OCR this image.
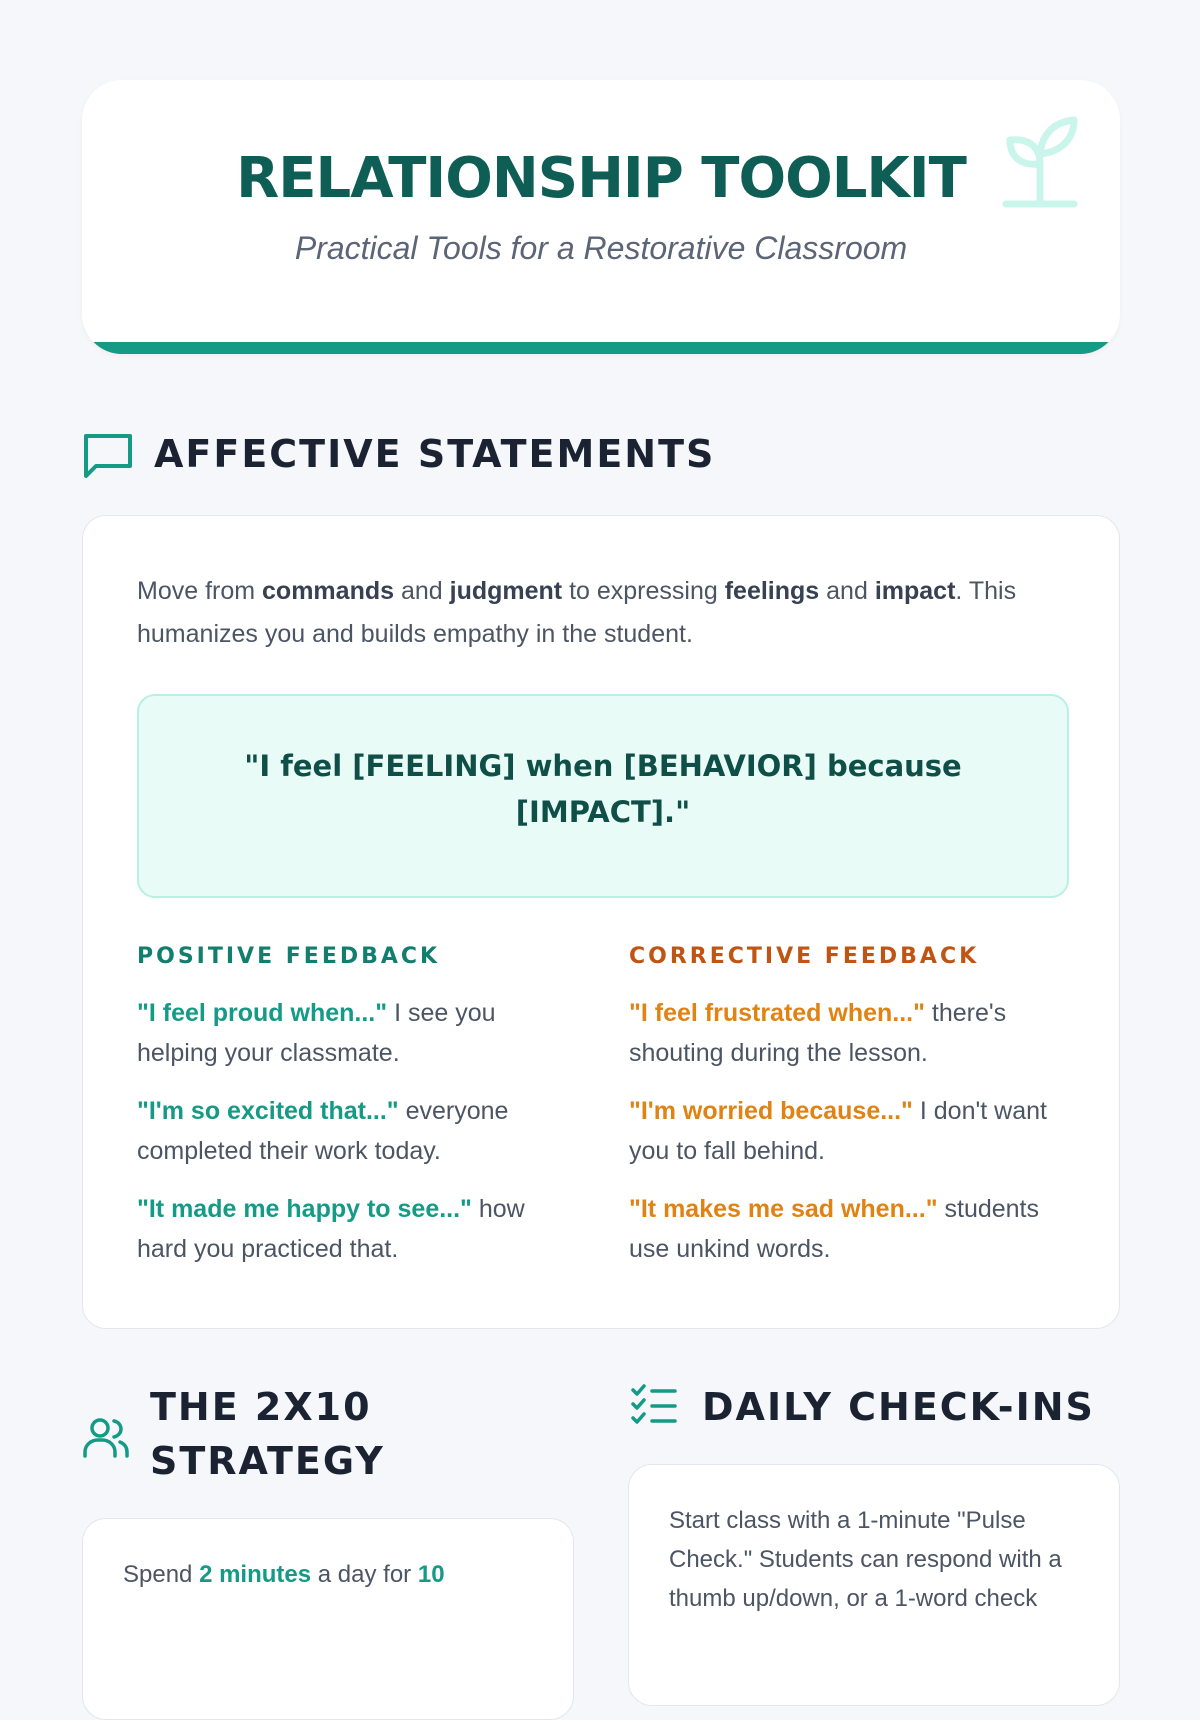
RELATIONSHIP TOOLKIT
Practical Tools for a Restorative Classroom
AFFECTIVE STATEMENTS

Move from commands and judgment to expressing feelings and impact. This humanizes you and builds empathy in the student.

"I feel [FEELING] when [BEHAVIOR] because [IMPACT]."
POSITIVE FEEDBACK

"I feel proud when..." I see you helping your classmate.

"I'm so excited that..." everyone completed their work today.

"It made me happy to see..." how hard you practiced that.

CORRECTIVE FEEDBACK

"I feel frustrated when..." there's shouting during the lesson.

"I'm worried because..." I don't want you to fall behind.

"It makes me sad when..." students use unkind words.

THE 2X10
STRATEGY

Spend 2 minutes a day for 10

DAILY CHECK-INS

Start class with a 1-minute "Pulse Check." Students can respond with a thumb up/down, or a 1-word check
